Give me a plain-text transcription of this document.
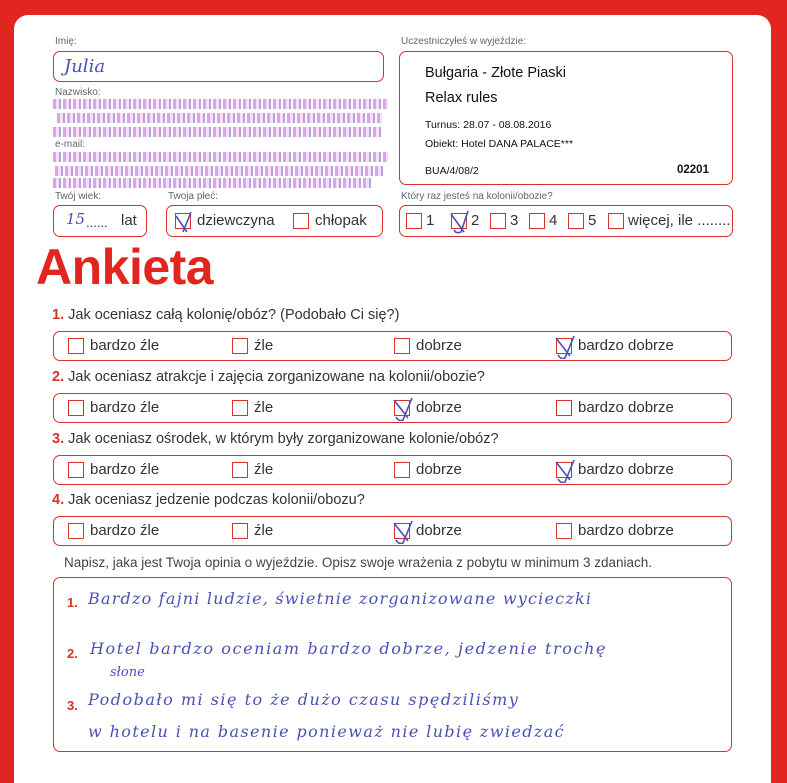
Imię:
Julia
Nazwisko:
e-mail:
Twój wiek:
15 ...... lat
Twoja płeć:
dziewczyna	chłopak
Uczestniczyłeś w wyjeździe:
Bułgaria - Złote Piaski
Relax rules
Turnus: 28.07 - 08.08.2016
Obiekt: Hotel DANA PALACE***
BUA/4/08/2	02201
Który raz jesteś na kolonii/obozie?
1 2 3 4 5 więcej, ile ........
Ankieta
1. Jak oceniasz całą kolonię/obóz? (Podobało Ci się?)
bardzo źle	źle	dobrze	bardzo dobrze
2. Jak oceniasz atrakcje i zajęcia zorganizowane na kolonii/obozie?
bardzo źle	źle	dobrze	bardzo dobrze
3. Jak oceniasz ośrodek, w którym były zorganizowane kolonie/obóz?
bardzo źle	źle	dobrze	bardzo dobrze
4. Jak oceniasz jedzenie podczas kolonii/obozu?
bardzo źle	źle	dobrze	bardzo dobrze
Napisz, jaka jest Twoja opinia o wyjeździe. Opisz swoje wrażenia z pobytu w minimum 3 zdaniach.
1.
2.
3.
Bardzo fajni ludzie, świetnie zorganizowane wycieczki
Hotel bardzo oceniam bardzo dobrze, jedzenie trochę
słone
Podobało mi się to że dużo czasu spędziliśmy
w hotelu i na basenie ponieważ nie lubię zwiedzać
